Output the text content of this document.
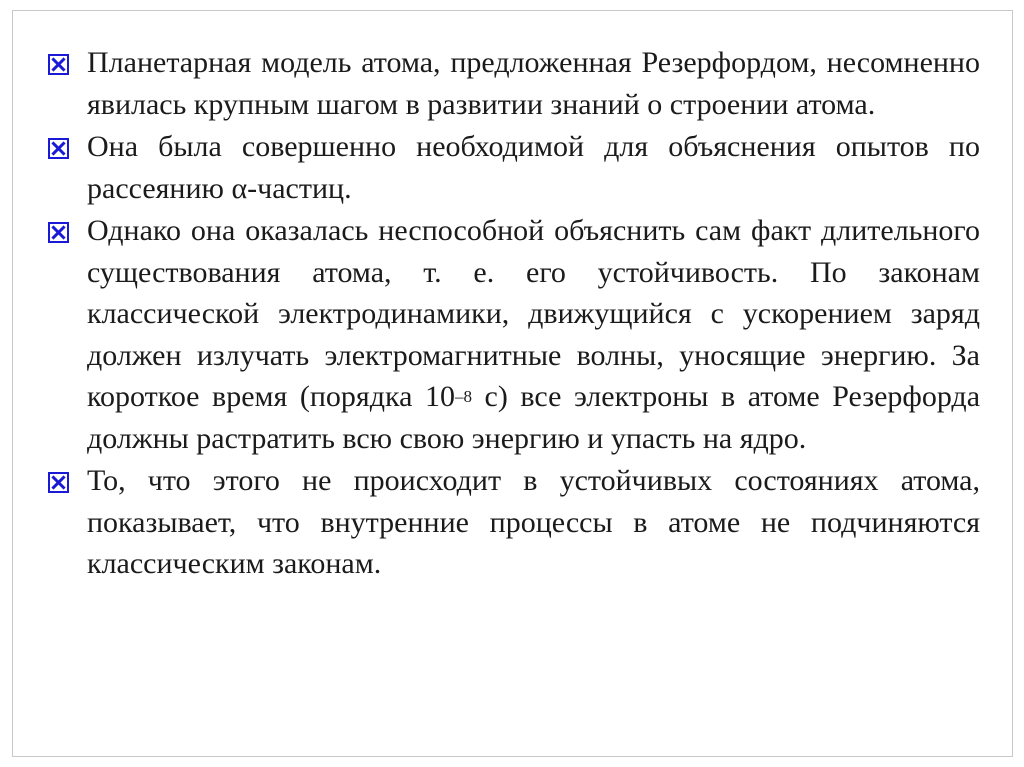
Планетарная модель атома, предложенная Резерфордом, несомненно явилась крупным шагом в развитии знаний о строении атома.
Она была совершенно необходимой для объяснения опытов по рассеянию α-частиц.
Однако она оказалась неспособной объяснить сам факт длительного существования атома, т. е. его устойчивость. По законам классической электродинамики, движущийся с ускорением заряд должен излучать электромагнитные волны, уносящие энергию. За короткое время (порядка $10^{-8}$ с) все электроны в атоме Резерфорда должны растратить всю свою энергию и упасть на ядро.
То, что этого не происходит в устойчивых состояниях атома, показывает, что внутренние процессы в атоме не подчиняются классическим законам.
